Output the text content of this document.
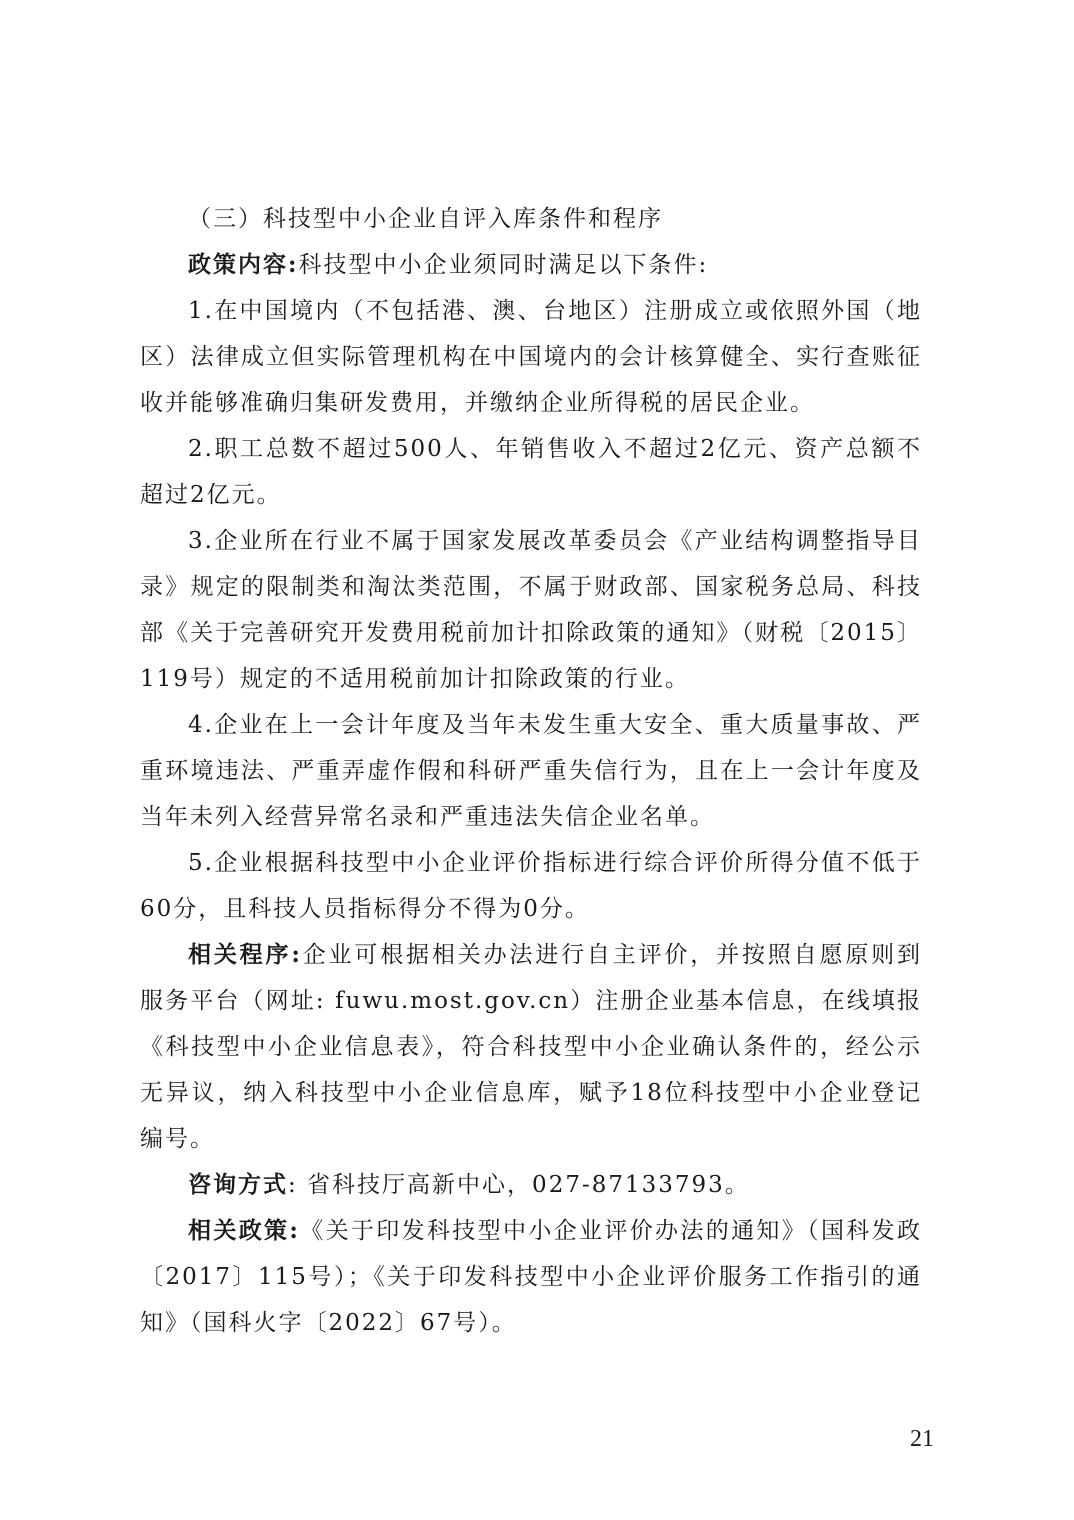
（三）科技型中小企业自评入库条件和程序

政策内容:科技型中小企业须同时满足以下条件:

1.在中国境内（不包括港、澳、台地区）注册成立或依照外国（地区）法律成立但实际管理机构在中国境内的会计核算健全、实行查账征收并能够准确归集研发费用，并缴纳企业所得税的居民企业。

2.职工总数不超过500人、年销售收入不超过2亿元、资产总额不超过2亿元。

3.企业所在行业不属于国家发展改革委员会《产业结构调整指导目录》规定的限制类和淘汰类范围，不属于财政部、国家税务总局、科技部《关于完善研究开发费用税前加计扣除政策的通知》（财税〔2015〕119号）规定的不适用税前加计扣除政策的行业。

4.企业在上一会计年度及当年未发生重大安全、重大质量事故、严重环境违法、严重弄虚作假和科研严重失信行为，且在上一会计年度及当年未列入经营异常名录和严重违法失信企业名单。

5.企业根据科技型中小企业评价指标进行综合评价所得分值不低于60分，且科技人员指标得分不得为0分。

相关程序:企业可根据相关办法进行自主评价，并按照自愿原则到服务平台（网址: fuwu.most.gov.cn）注册企业基本信息，在线填报《科技型中小企业信息表》，符合科技型中小企业确认条件的，经公示无异议，纳入科技型中小企业信息库，赋予18位科技型中小企业登记编号。

咨询方式: 省科技厅高新中心，027-87133793。

相关政策:《关于印发科技型中小企业评价办法的通知》（国科发政〔2017〕115号）；《关于印发科技型中小企业评价服务工作指引的通知》（国科火字〔2022〕67号）。

21
